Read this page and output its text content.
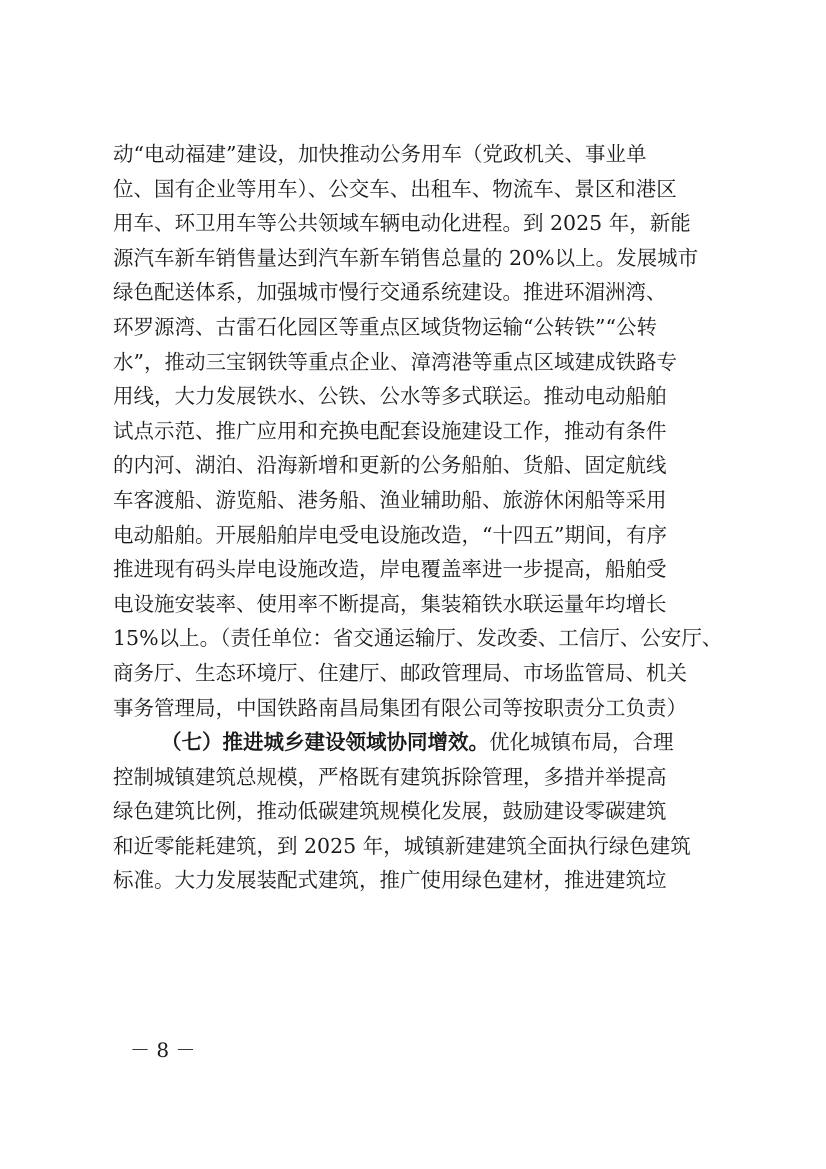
动“电动福建”建设，加快推动公务用车（党政机关、事业单
位、国有企业等用车）、公交车、出租车、物流车、景区和港区
用车、环卫用车等公共领域车辆电动化进程。到 2025 年，新能
源汽车新车销售量达到汽车新车销售总量的 20%以上。发展城市
绿色配送体系，加强城市慢行交通系统建设。推进环湄洲湾、
环罗源湾、古雷石化园区等重点区域货物运输“公转铁”“公转
水”，推动三宝钢铁等重点企业、漳湾港等重点区域建成铁路专
用线，大力发展铁水、公铁、公水等多式联运。推动电动船舶
试点示范、推广应用和充换电配套设施建设工作，推动有条件
的内河、湖泊、沿海新增和更新的公务船舶、货船、固定航线
车客渡船、游览船、港务船、渔业辅助船、旅游休闲船等采用
电动船舶。开展船舶岸电受电设施改造，“十四五”期间，有序
推进现有码头岸电设施改造，岸电覆盖率进一步提高，船舶受
电设施安装率、使用率不断提高，集装箱铁水联运量年均增长
15%以上。（责任单位：省交通运输厅、发改委、工信厅、公安厅、
商务厅、生态环境厅、住建厅、邮政管理局、市场监管局、机关
事务管理局，中国铁路南昌局集团有限公司等按职责分工负责）
（七）推进城乡建设领域协同增效。优化城镇布局，合理
控制城镇建筑总规模，严格既有建筑拆除管理，多措并举提高
绿色建筑比例，推动低碳建筑规模化发展，鼓励建设零碳建筑
和近零能耗建筑，到 2025 年，城镇新建建筑全面执行绿色建筑
标准。大力发展装配式建筑，推广使用绿色建材，推进建筑垃
－ 8 －
